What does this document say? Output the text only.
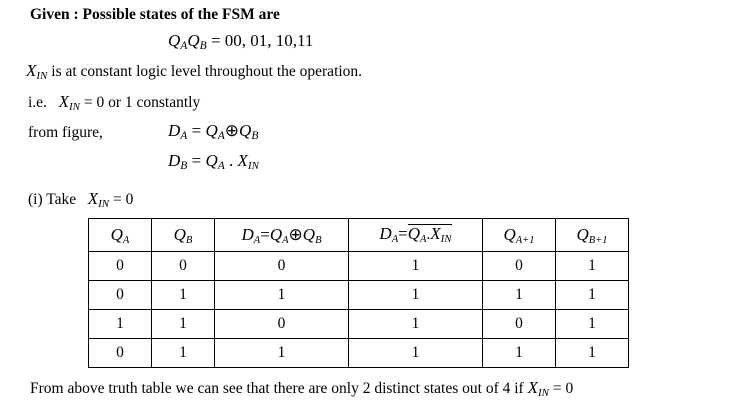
Given : Possible states of the FSM are
$Q_AQ_B = 00$, 01, 10,11
XIN is at constant logic level throughout the operation.
i.e. XIN = 0 or 1 constantly
from figure,	$D_A$ = $Q_A\oplus Q_B$
$D_B = Q_A$ . XIN
(i) Take XIN = 0
$Q_A$	$Q_B$	$D_A=Q_A\oplus Q_B$	$D_A=Q_A.XIN$	$Q_{A+1}$	$Q_{B+1}$
0	0	0	1	0	1
0	1	1	1	1	1
1	1	0	1	0	1
0	1	1	1	1	1
From above truth table we can see that there are only 2 distinct states out of 4 if XIN = 0
